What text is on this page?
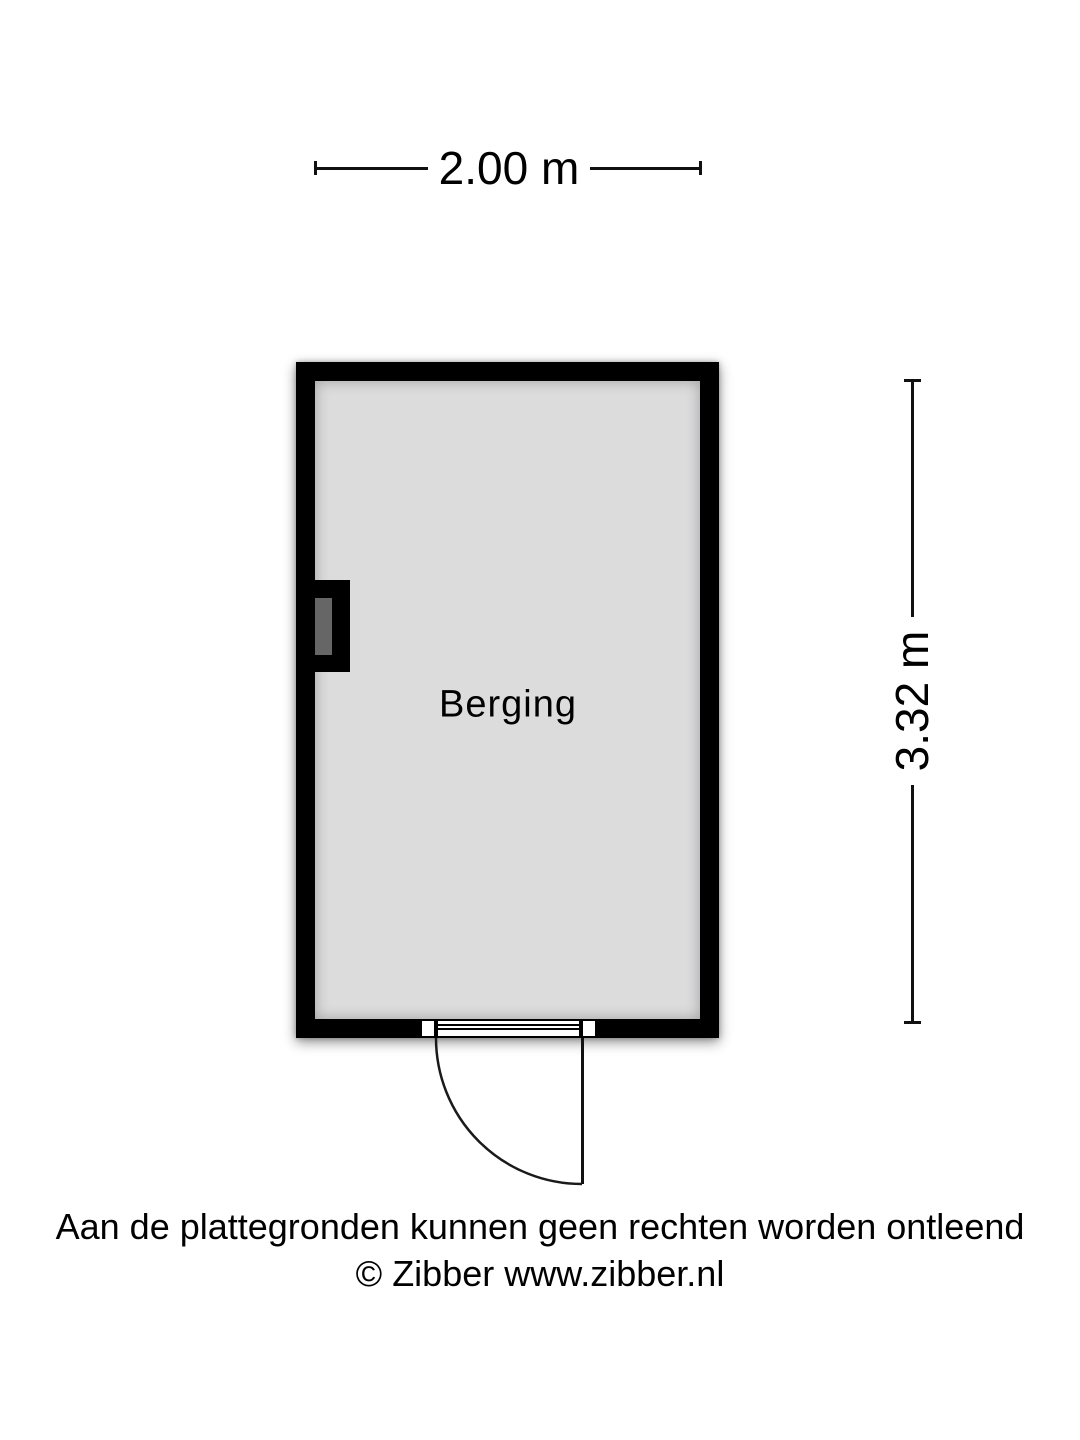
2.00 m
3.32 m
Berging
Aan de plattegronden kunnen geen rechten worden ontleend
© Zibber www.zibber.nl
